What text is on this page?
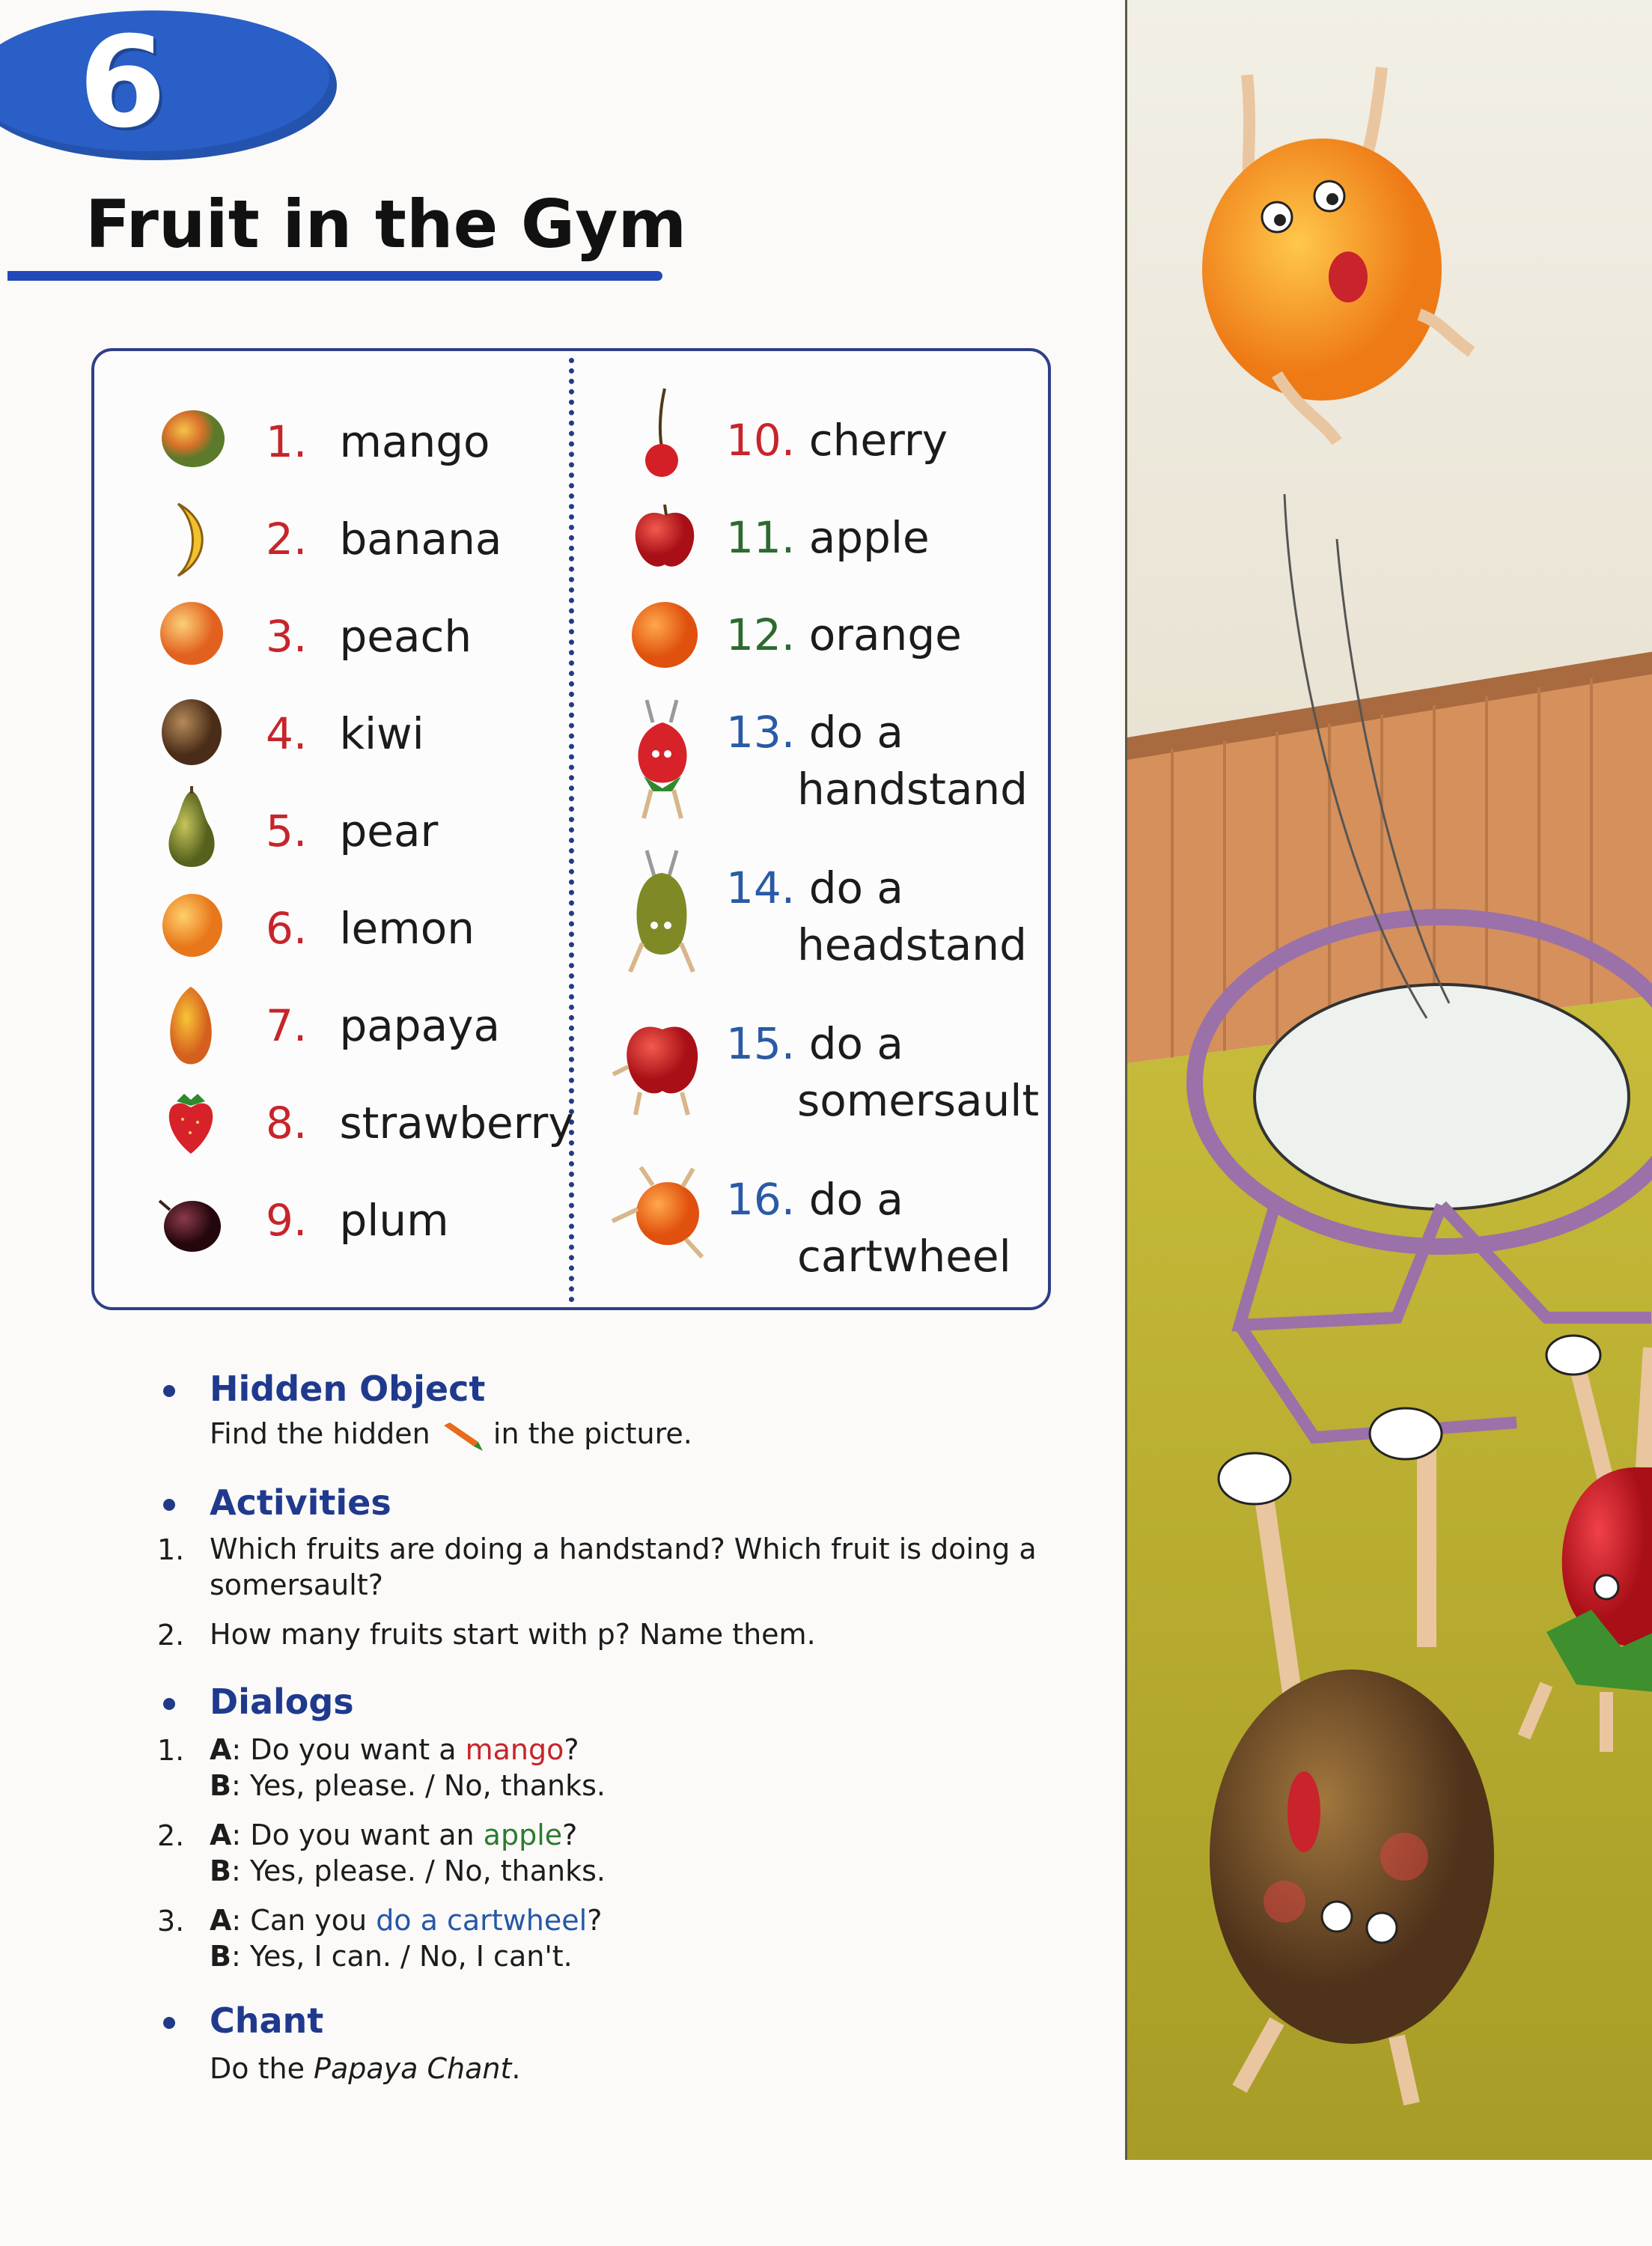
6
Fruit in the Gym
1. mango
2. banana
3. peach
4. kiwi
5. pear
6. lemon
7. papaya
8. strawberry
9. plum
10. cherry
11. apple
12. orange
13. do a
handstand
14. do a
headstand
15. do a
somersault
16. do a
cartwheel
Hidden Object
Find the hidden in the picture.
Activities
1. Which fruits are doing a handstand? Which fruit is doing a
somersault?
2. How many fruits start with p? Name them.
Dialogs
1. A: Do you want a mango?
B: Yes, please. / No, thanks.
2. A: Do you want an apple?
B: Yes, please. / No, thanks.
3. A: Can you do a cartwheel?
B: Yes, I can. / No, I can't.
Chant
Do the Papaya Chant.
